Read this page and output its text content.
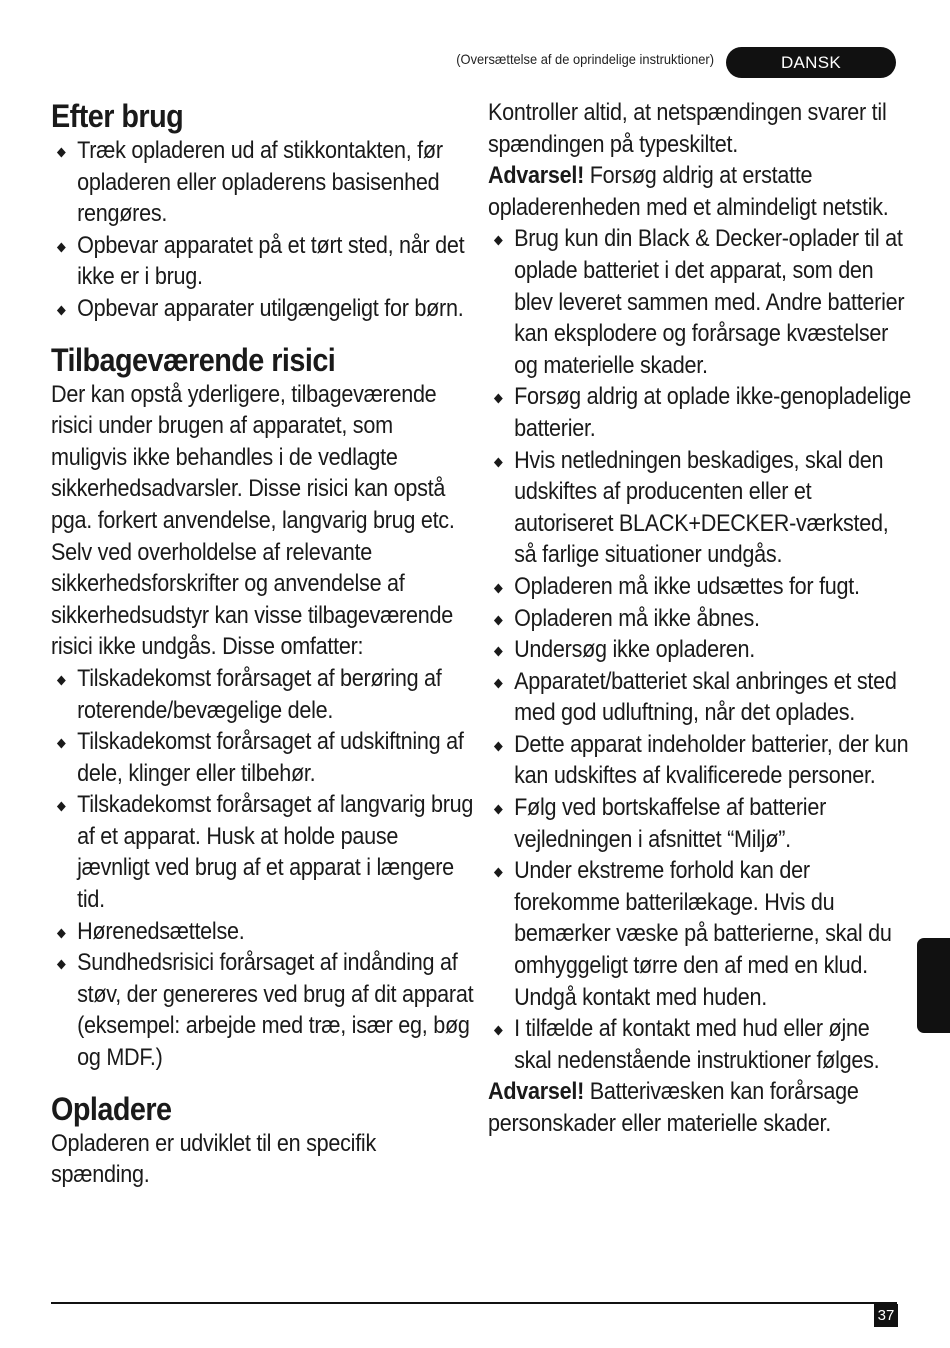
(Oversættelse af de oprindelige instruktioner)	DANSK
Efter brug
Træk opladeren ud af stikkontakten, før opladeren eller opladerens basisenhed rengøres.
Opbevar apparatet på et tørt sted, når det ikke er i brug.
Opbevar apparater utilgængeligt for børn.
Tilbageværende risici

Der kan opstå yderligere, tilbageværende risici under brugen af apparatet, som muligvis ikke behandles i de vedlagte sikkerhedsadvarsler. Disse risici kan opstå pga. forkert anvendelse, langvarig brug etc.

Selv ved overholdelse af relevante sikkerhedsforskrifter og anvendelse af sikkerhedsudstyr kan visse tilbageværende risici ikke undgås. Disse omfatter:

Tilskadekomst forårsaget af berøring af roterende/bevægelige dele.
Tilskadekomst forårsaget af udskiftning af dele, klinger eller tilbehør.
Tilskadekomst forårsaget af langvarig brug af et apparat. Husk at holde pause jævnligt ved brug af et apparat i længere tid.
Hørenedsættelse.
Sundhedsrisici forårsaget af indånding af støv, der genereres ved brug af dit apparat (eksempel: arbejde med træ, især eg, bøg og MDF.)
Opladere

Opladeren er udviklet til en specifik spænding.

Kontroller altid, at netspændingen svarer til spændingen på typeskiltet.

Advarsel! Forsøg aldrig at erstatte opladerenheden med et almindeligt netstik.

Brug kun din Black & Decker-oplader til at oplade batteriet i det apparat, som den blev leveret sammen med. Andre batterier kan eksplodere og forårsage kvæstelser og materielle skader.
Forsøg aldrig at oplade ikke-genopladelige batterier.
Hvis netledningen beskadiges, skal den udskiftes af producenten eller et autoriseret BLACK+DECKER-værksted, så farlige situationer undgås.
Opladeren må ikke udsættes for fugt.
Opladeren må ikke åbnes.
Undersøg ikke opladeren.
Apparatet/batteriet skal anbringes et sted med god udluftning, når det oplades.
Dette apparat indeholder batterier, der kun kan udskiftes af kvalificerede personer.
Følg ved bortskaffelse af batterier vejledningen i afsnittet “Miljø”.
Under ekstreme forhold kan der forekomme batterilækage. Hvis du bemærker væske på batterierne, skal du omhyggeligt tørre den af med en klud. Undgå kontakt med huden.
I tilfælde af kontakt med hud eller øjne skal nedenstående instruktioner følges.

Advarsel! Batterivæsken kan forårsage personskader eller materielle skader.

37
